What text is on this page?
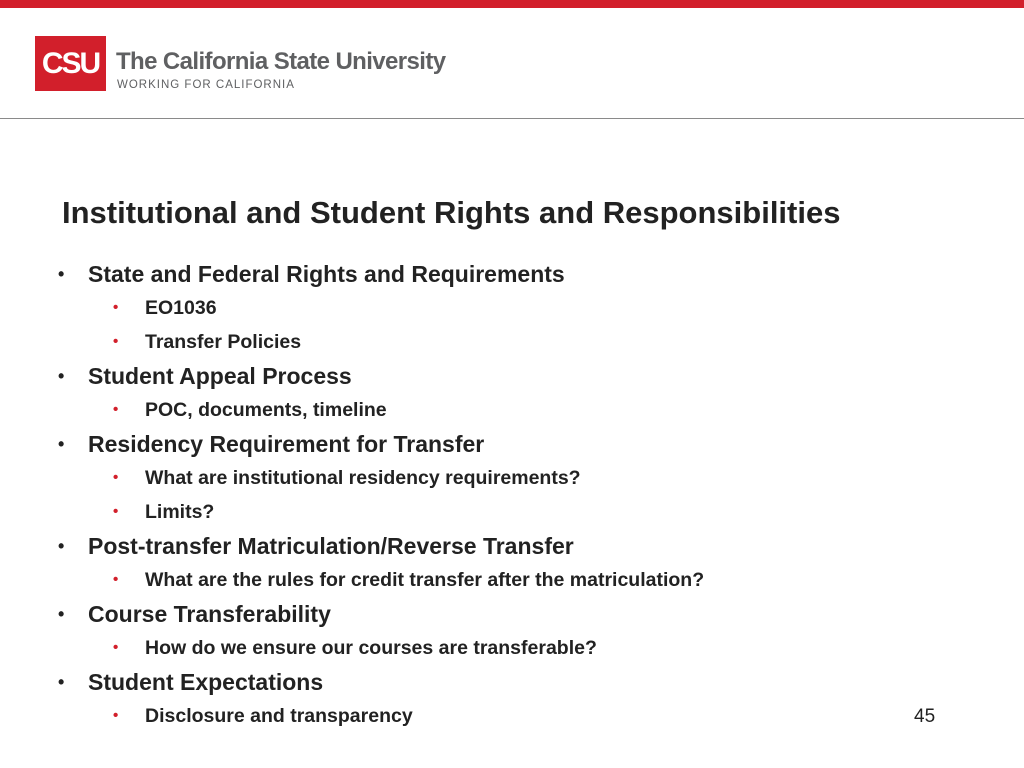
CSU The California State University
WORKING FOR CALIFORNIA
Institutional and Student Rights and Responsibilities
• State and Federal Rights and Requirements
• EO1036
• Transfer Policies
• Student Appeal Process
• POC, documents, timeline
• Residency Requirement for Transfer
• What are institutional residency requirements?
• Limits?
• Post-transfer Matriculation/Reverse Transfer
• What are the rules for credit transfer after the matriculation?
• Course Transferability
• How do we ensure our courses are transferable?
• Student Expectations
• Disclosure and transparency	45
